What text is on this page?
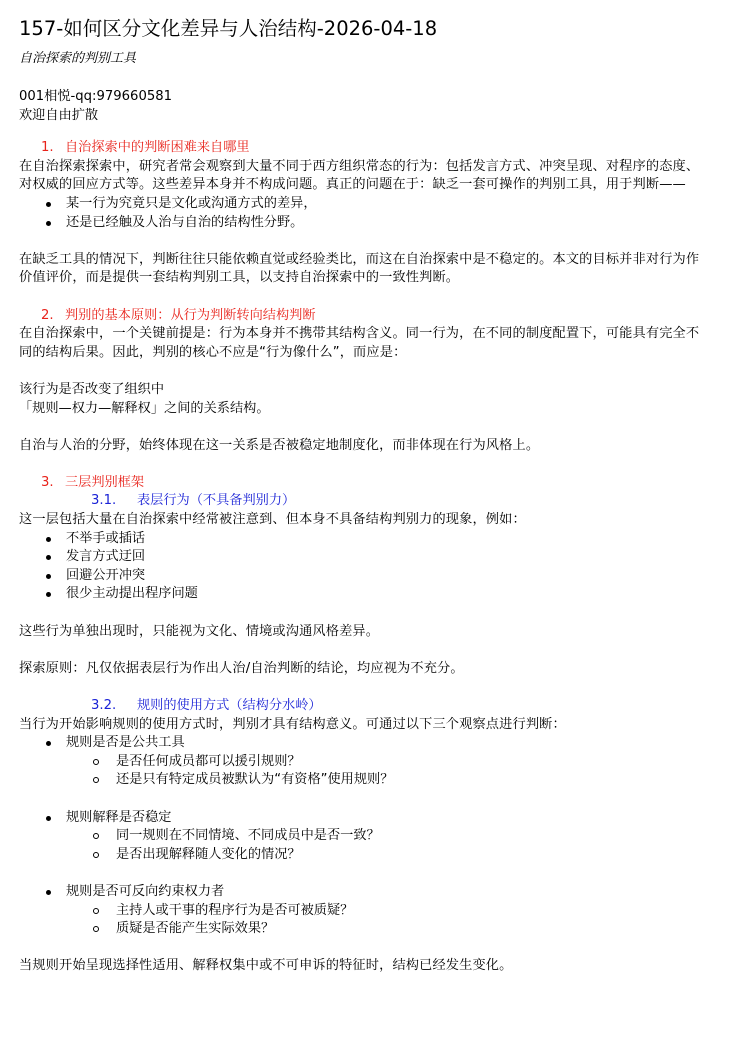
157-如何区分文化差异与人治结构-2026-04-18
自治探索的判别工具
001相悦-qq:979660581
欢迎自由扩散
1. 自治探索中的判断困难来自哪里
在自治探索探索中，研究者常会观察到大量不同于西方组织常态的行为：包括发言方式、冲突呈现、对程序的态度、对权威的回应方式等。这些差异本身并不构成问题。真正的问题在于：缺乏一套可操作的判别工具，用于判断——
某一行为究竟只是文化或沟通方式的差异，
还是已经触及人治与自治的结构性分野。
在缺乏工具的情况下，判断往往只能依赖直觉或经验类比，而这在自治探索中是不稳定的。本文的目标并非对行为作价值评价，而是提供一套结构判别工具，以支持自治探索中的一致性判断。
2. 判别的基本原则：从行为判断转向结构判断
在自治探索中，一个关键前提是：行为本身并不携带其结构含义。同一行为，在不同的制度配置下，可能具有完全不同的结构后果。因此，判别的核心不应是“行为像什么”，而应是：
该行为是否改变了组织中
「规则—权力—解释权」之间的关系结构。
自治与人治的分野，始终体现在这一关系是否被稳定地制度化，而非体现在行为风格上。
3. 三层判别框架
3.1. 表层行为（不具备判别力）
这一层包括大量在自治探索中经常被注意到、但本身不具备结构判别力的现象，例如：
不举手或插话
发言方式迂回
回避公开冲突
很少主动提出程序问题
这些行为单独出现时，只能视为文化、情境或沟通风格差异。
探索原则：凡仅依据表层行为作出人治/自治判断的结论，均应视为不充分。
3.2. 规则的使用方式（结构分水岭）
当行为开始影响规则的使用方式时，判别才具有结构意义。可通过以下三个观察点进行判断：
规则是否是公共工具
是否任何成员都可以援引规则？
还是只有特定成员被默认为“有资格”使用规则？
规则解释是否稳定
同一规则在不同情境、不同成员中是否一致？
是否出现解释随人变化的情况？
规则是否可反向约束权力者
主持人或干事的程序行为是否可被质疑？
质疑是否能产生实际效果？
当规则开始呈现选择性适用、解释权集中或不可申诉的特征时，结构已经发生变化。
